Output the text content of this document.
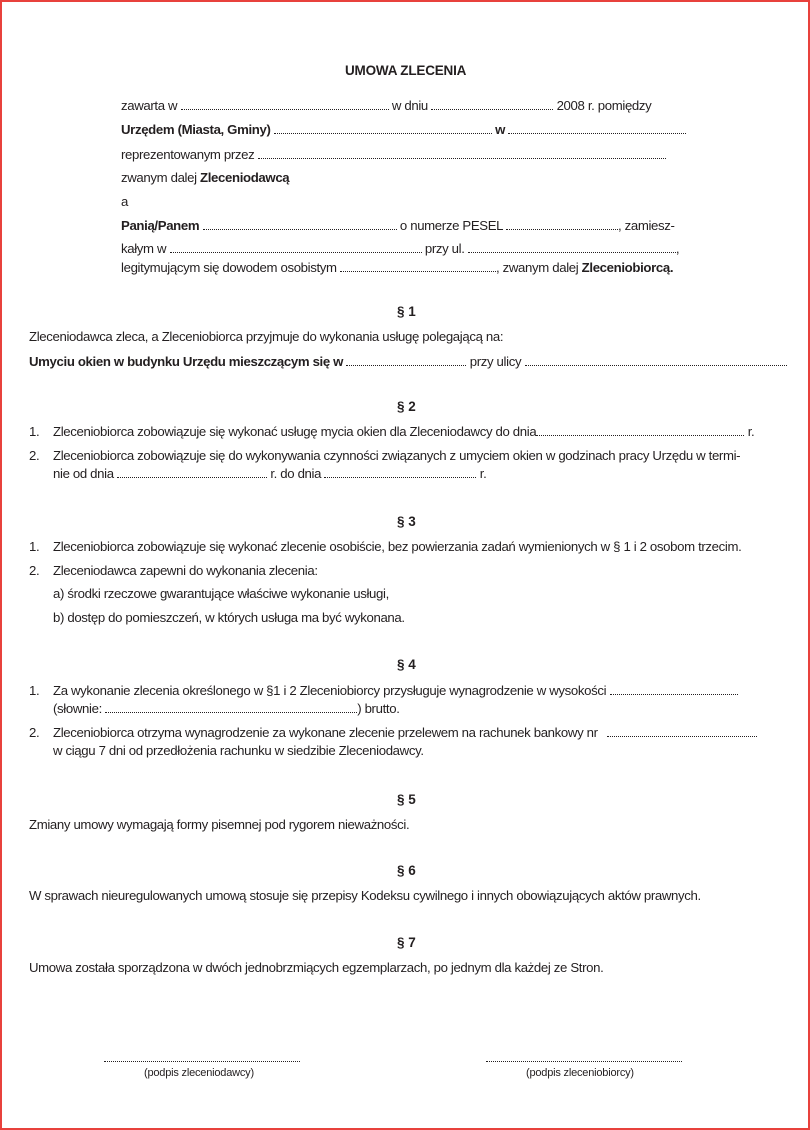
UMOWA ZLECENIA
zawarta w	w dniu	2008 r. pomiędzy
Urzędem (Miasta, Gminy)	w
reprezentowanym przez
zwanym dalej Zleceniodawcą
a
Panią/Panem	o numerze PESEL	, zamiesz-
kałym w	przy ul.	,
legitymującym się dowodem osobistym	, zwanym dalej Zleceniobiorcą.
§ 1
Zleceniodawca zleca, a Zleceniobiorca przyjmuje do wykonania usługę polegającą na:
Umyciu okien w budynku Urzędu mieszczącym się w	przy ulicy
§ 2
1. Zleceniobiorca zobowiązuje się wykonać usługę mycia okien dla Zleceniodawcy do dnia	r.
2. Zleceniobiorca zobowiązuje się do wykonywania czynności związanych z umyciem okien w godzinach pracy Urzędu w termi-
nie od dnia	r. do dnia	r.
§ 3
1. Zleceniobiorca zobowiązuje się wykonać zlecenie osobiście, bez powierzania zadań wymienionych w § 1 i 2 osobom trzecim.
2. Zleceniodawca zapewni do wykonania zlecenia:
a) środki rzeczowe gwarantujące właściwe wykonanie usługi,
b) dostęp do pomieszczeń, w których usługa ma być wykonana.
§ 4
1. Za wykonanie zlecenia określonego w §1 i 2 Zleceniobiorcy przysługuje wynagrodzenie w wysokości
(słownie:	) brutto.
2. Zleceniobiorca otrzyma wynagrodzenie za wykonane zlecenie przelewem na rachunek bankowy nr
w ciągu 7 dni od przedłożenia rachunku w siedzibie Zleceniodawcy.
§ 5
Zmiany umowy wymagają formy pisemnej pod rygorem nieważności.
§ 6
W sprawach nieuregulowanych umową stosuje się przepisy Kodeksu cywilnego i innych obowiązujących aktów prawnych.
§ 7
Umowa została sporządzona w dwóch jednobrzmiących egzemplarzach, po jednym dla każdej ze Stron.
(podpis zleceniodawcy)	(podpis zleceniobiorcy)
